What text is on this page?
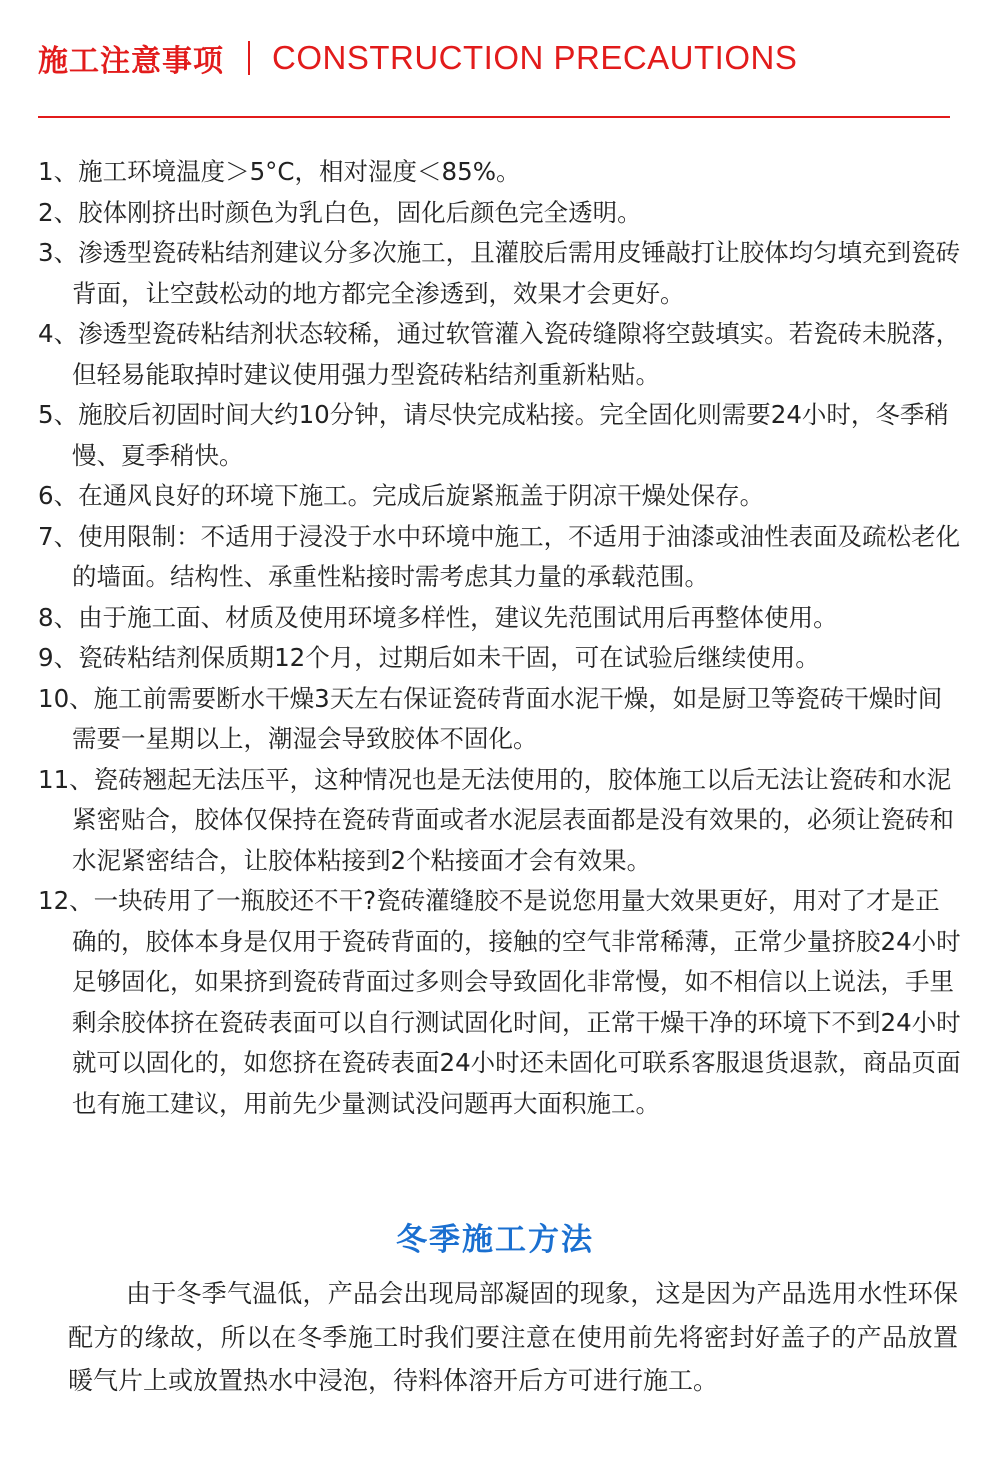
施工注意事项 CONSTRUCTION PRECAUTIONS
1、施工环境温度＞5°C，相对湿度＜85%。
2、胶体刚挤出时颜色为乳白色，固化后颜色完全透明。
3、渗透型瓷砖粘结剂建议分多次施工，且灌胶后需用皮锤敲打让胶体均匀填充到瓷砖背面，让空鼓松动的地方都完全渗透到，效果才会更好。
4、渗透型瓷砖粘结剂状态较稀，通过软管灌入瓷砖缝隙将空鼓填实。若瓷砖未脱落，但轻易能取掉时建议使用强力型瓷砖粘结剂重新粘贴。
5、施胶后初固时间大约10分钟，请尽快完成粘接。完全固化则需要24小时，冬季稍慢、夏季稍快。
6、在通风良好的环境下施工。完成后旋紧瓶盖于阴凉干燥处保存。
7、使用限制：不适用于浸没于水中环境中施工，不适用于油漆或油性表面及疏松老化的墙面。结构性、承重性粘接时需考虑其力量的承载范围。
8、由于施工面、材质及使用环境多样性，建议先范围试用后再整体使用。
9、瓷砖粘结剂保质期12个月，过期后如未干固，可在试验后继续使用。
10、施工前需要断水干燥3天左右保证瓷砖背面水泥干燥，如是厨卫等瓷砖干燥时间需要一星期以上，潮湿会导致胶体不固化。
11、瓷砖翘起无法压平，这种情况也是无法使用的，胶体施工以后无法让瓷砖和水泥紧密贴合，胶体仅保持在瓷砖背面或者水泥层表面都是没有效果的，必须让瓷砖和水泥紧密结合，让胶体粘接到2个粘接面才会有效果。
12、一块砖用了一瓶胶还不干?瓷砖灌缝胶不是说您用量大效果更好，用对了才是正确的，胶体本身是仅用于瓷砖背面的，接触的空气非常稀薄，正常少量挤胶24小时足够固化，如果挤到瓷砖背面过多则会导致固化非常慢，如不相信以上说法，手里剩余胶体挤在瓷砖表面可以自行测试固化时间，正常干燥干净的环境下不到24小时就可以固化的，如您挤在瓷砖表面24小时还未固化可联系客服退货退款，商品页面也有施工建议，用前先少量测试没问题再大面积施工。
冬季施工方法

由于冬季气温低，产品会出现局部凝固的现象，这是因为产品选用水性环保配方的缘故，所以在冬季施工时我们要注意在使用前先将密封好盖子的产品放置暖气片上或放置热水中浸泡，待料体溶开后方可进行施工。
